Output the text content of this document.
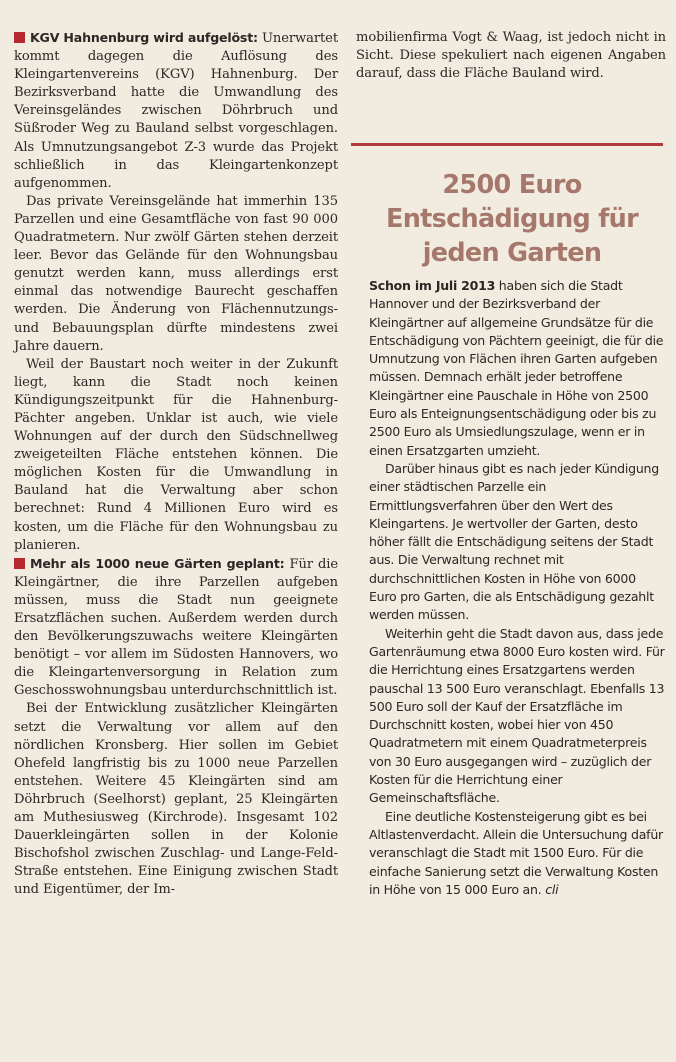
KGV Hahnenburg wird aufgelöst: Unerwartet kommt dagegen die Auflösung des Kleingartenvereins (KGV) Hahnenburg. Der Bezirksverband hatte die Umwandlung des Vereinsgeländes zwischen Döhrbruch und Süßroder Weg zu Bauland selbst vorgeschlagen. Als Umnutzungsangebot Z-3 wurde das Projekt schließlich in das Kleingartenkonzept aufgenommen.

Das private Vereinsgelände hat immerhin 135 Parzellen und eine Gesamtfläche von fast 90 000 Quadratmetern. Nur zwölf Gärten stehen derzeit leer. Bevor das Gelände für den Wohnungsbau genutzt werden kann, muss allerdings erst einmal das notwendige Baurecht geschaffen werden. Die Änderung von Flächennutzungs- und Bebauungsplan dürfte mindestens zwei Jahre dauern.

Weil der Baustart noch weiter in der Zukunft liegt, kann die Stadt noch keinen Kündigungszeitpunkt für die Hahnenburg-Pächter angeben. Unklar ist auch, wie viele Wohnungen auf der durch den Südschnellweg zweigeteilten Fläche entstehen können. Die möglichen Kosten für die Umwandlung in Bauland hat die Verwaltung aber schon berechnet: Rund 4 Millionen Euro wird es kosten, um die Fläche für den Wohnungsbau zu planieren.

Mehr als 1000 neue Gärten geplant: Für die Kleingärtner, die ihre Parzellen aufgeben müssen, muss die Stadt nun geeignete Ersatzflächen suchen. Außerdem werden durch den Bevölkerungszuwachs weitere Kleingärten benötigt – vor allem im Südosten Hannovers, wo die Kleingartenversorgung in Relation zum Geschosswohnungsbau unterdurchschnittlich ist.

Bei der Entwicklung zusätzlicher Kleingärten setzt die Verwaltung vor allem auf den nördlichen Kronsberg. Hier sollen im Gebiet Ohefeld langfristig bis zu 1000 neue Parzellen entstehen. Weitere 45 Kleingärten sind am Döhrbruch (Seelhorst) geplant, 25 Kleingärten am Muthesiusweg (Kirchrode). Insgesamt 102 Dauerkleingärten sollen in der Kolonie Bischofshol zwischen Zuschlag- und Lange-Feld-Straße entstehen. Eine Einigung zwischen Stadt und Eigentümer, der Im-

mobilienfirma Vogt & Waag, ist jedoch nicht in Sicht. Diese spekuliert nach eigenen Angaben darauf, dass die Fläche Bauland wird.

2500 Euro
Entschädigung für
jeden Garten

Schon im Juli 2013 haben sich die Stadt Hannover und der Bezirksverband der Kleingärtner auf allgemeine Grundsätze für die Entschädigung von Pächtern geeinigt, die für die Umnutzung von Flächen ihren Garten aufgeben müssen. Demnach erhält jeder betroffene Kleingärtner eine Pauschale in Höhe von 2500 Euro als Enteignungsentschädigung oder bis zu 2500 Euro als Umsiedlungszulage, wenn er in einen Ersatzgarten umzieht.

Darüber hinaus gibt es nach jeder Kündigung einer städtischen Parzelle ein Ermittlungsverfahren über den Wert des Kleingartens. Je wertvoller der Garten, desto höher fällt die Entschädigung seitens der Stadt aus. Die Verwaltung rechnet mit durchschnittlichen Kosten in Höhe von 6000 Euro pro Garten, die als Entschädigung gezahlt werden müssen.

Weiterhin geht die Stadt davon aus, dass jede Gartenräumung etwa 8000 Euro kosten wird. Für die Herrichtung eines Ersatzgartens werden pauschal 13 500 Euro veranschlagt. Ebenfalls 13 500 Euro soll der Kauf der Ersatzfläche im Durchschnitt kosten, wobei hier von 450 Quadratmetern mit einem Quadratmeterpreis von 30 Euro ausgegangen wird – zuzüglich der Kosten für die Herrichtung einer Gemeinschaftsfläche.

Eine deutliche Kostensteigerung gibt es bei Altlastenverdacht. Allein die Untersuchung dafür veranschlagt die Stadt mit 1500 Euro. Für die einfache Sanierung setzt die Verwaltung Kosten in Höhe von 15 000 Euro an. cli
